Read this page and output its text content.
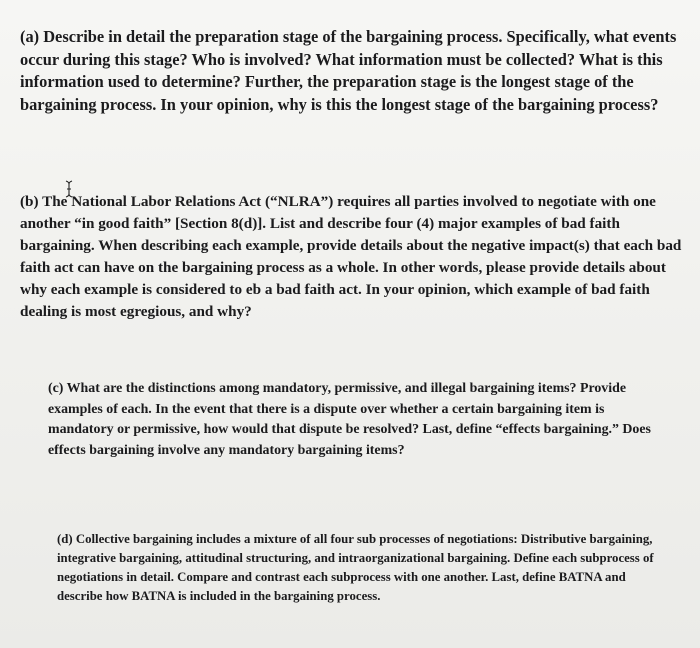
(a) Describe in detail the preparation stage of the bargaining process. Specifically, what events occur during this stage? Who is involved? What information must be collected? What is this information used to determine? Further, the preparation stage is the longest stage of the bargaining process. In your opinion, why is this the longest stage of the bargaining process?

(b) The National Labor Relations Act (“NLRA”) requires all parties involved to negotiate with one another “in good faith” [Section 8(d)]. List and describe four (4) major examples of bad faith bargaining. When describing each example, provide details about the negative impact(s) that each bad faith act can have on the bargaining process as a whole. In other words, please provide details about why each example is considered to eb a bad faith act. In your opinion, which example of bad faith dealing is most egregious, and why?

(c) What are the distinctions among mandatory, permissive, and illegal bargaining items? Provide examples of each. In the event that there is a dispute over whether a certain bargaining item is mandatory or permissive, how would that dispute be resolved? Last, define “effects bargaining.” Does effects bargaining involve any mandatory bargaining items?

(d) Collective bargaining includes a mixture of all four sub processes of negotiations: Distributive bargaining, integrative bargaining, attitudinal structuring, and intraorganizational bargaining. Define each subprocess of negotiations in detail. Compare and contrast each subprocess with one another. Last, define BATNA and describe how BATNA is included in the bargaining process.
